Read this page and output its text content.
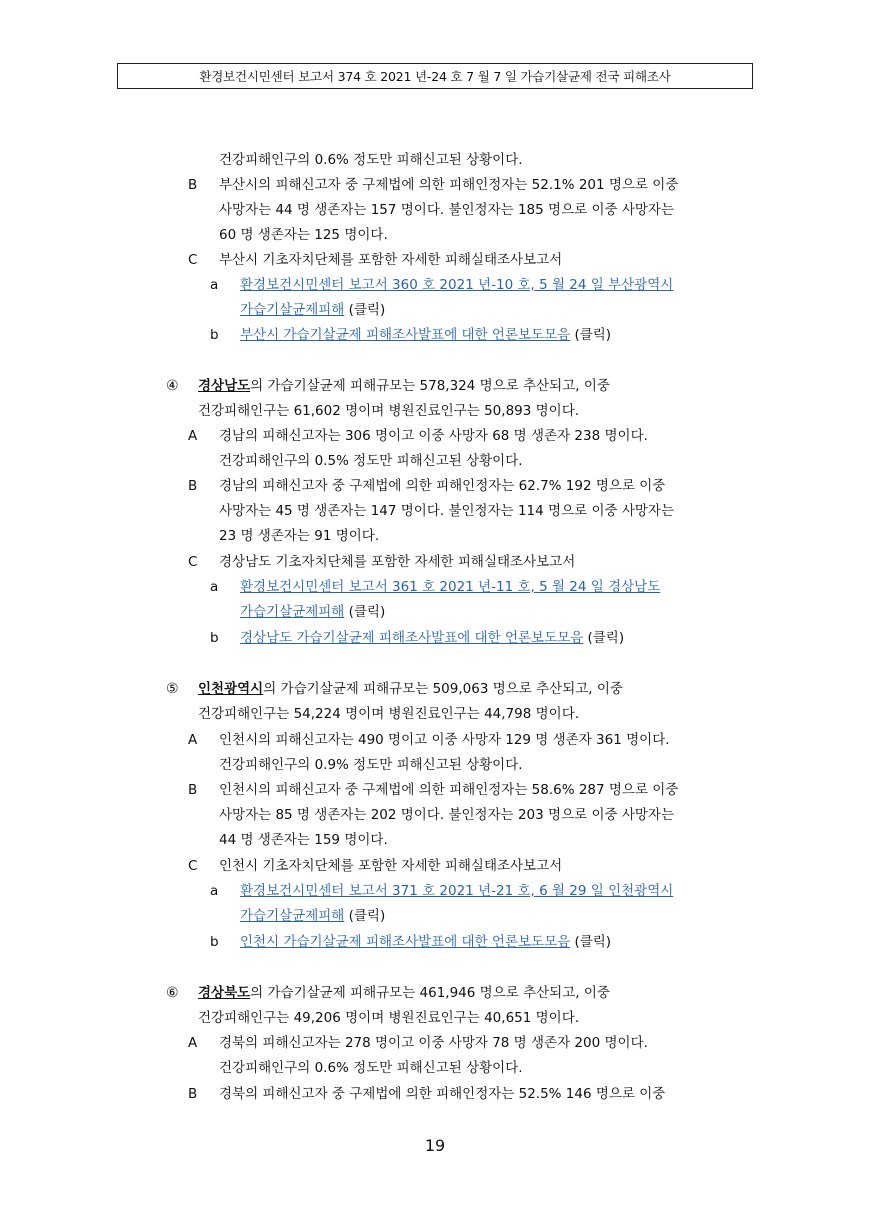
환경보건시민센터 보고서 374 호 2021 년-24 호 7 월 7 일 가습기살균제 전국 피해조사
건강피해인구의 0.6% 정도만 피해신고된 상황이다.
B 부산시의 피해신고자 중 구제법에 의한 피해인정자는 52.1% 201 명으로 이중
사망자는 44 명 생존자는 157 명이다. 불인정자는 185 명으로 이중 사망자는
60 명 생존자는 125 명이다.
C 부산시 기초자치단체를 포함한 자세한 피해실태조사보고서
a 환경보건시민센터 보고서 360 호 2021 년-10 호, 5 월 24 일 부산광역시
가습기살균제피해 (클릭)
b 부산시 가습기살균제 피해조사발표에 대한 언론보도모음 (클릭)
④ 경상남도의 가습기살균제 피해규모는 578,324 명으로 추산되고, 이중
건강피해인구는 61,602 명이며 병원진료인구는 50,893 명이다.
A 경남의 피해신고자는 306 명이고 이중 사망자 68 명 생존자 238 명이다.
건강피해인구의 0.5% 정도만 피해신고된 상황이다.
B 경남의 피해신고자 중 구제법에 의한 피해인정자는 62.7% 192 명으로 이중
사망자는 45 명 생존자는 147 명이다. 불인정자는 114 명으로 이중 사망자는
23 명 생존자는 91 명이다.
C 경상남도 기초자치단체를 포함한 자세한 피해실태조사보고서
a 환경보건시민센터 보고서 361 호 2021 년-11 호, 5 월 24 일 경상남도
가습기살균제피해 (클릭)
b 경상남도 가습기살균제 피해조사발표에 대한 언론보도모음 (클릭)
⑤ 인천광역시의 가습기살균제 피해규모는 509,063 명으로 추산되고, 이중
건강피해인구는 54,224 명이며 병원진료인구는 44,798 명이다.
A 인천시의 피해신고자는 490 명이고 이중 사망자 129 명 생존자 361 명이다.
건강피해인구의 0.9% 정도만 피해신고된 상황이다.
B 인천시의 피해신고자 중 구제법에 의한 피해인정자는 58.6% 287 명으로 이중
사망자는 85 명 생존자는 202 명이다. 불인정자는 203 명으로 이중 사망자는
44 명 생존자는 159 명이다.
C 인천시 기초자치단체를 포함한 자세한 피해실태조사보고서
a 환경보건시민센터 보고서 371 호 2021 년-21 호, 6 월 29 일 인천광역시
가습기살균제피해 (클릭)
b 인천시 가습기살균제 피해조사발표에 대한 언론보도모음 (클릭)
⑥ 경상북도의 가습기살균제 피해규모는 461,946 명으로 추산되고, 이중
건강피해인구는 49,206 명이며 병원진료인구는 40,651 명이다.
A 경북의 피해신고자는 278 명이고 이중 사망자 78 명 생존자 200 명이다.
건강피해인구의 0.6% 정도만 피해신고된 상황이다.
B 경북의 피해신고자 중 구제법에 의한 피해인정자는 52.5% 146 명으로 이중
19
